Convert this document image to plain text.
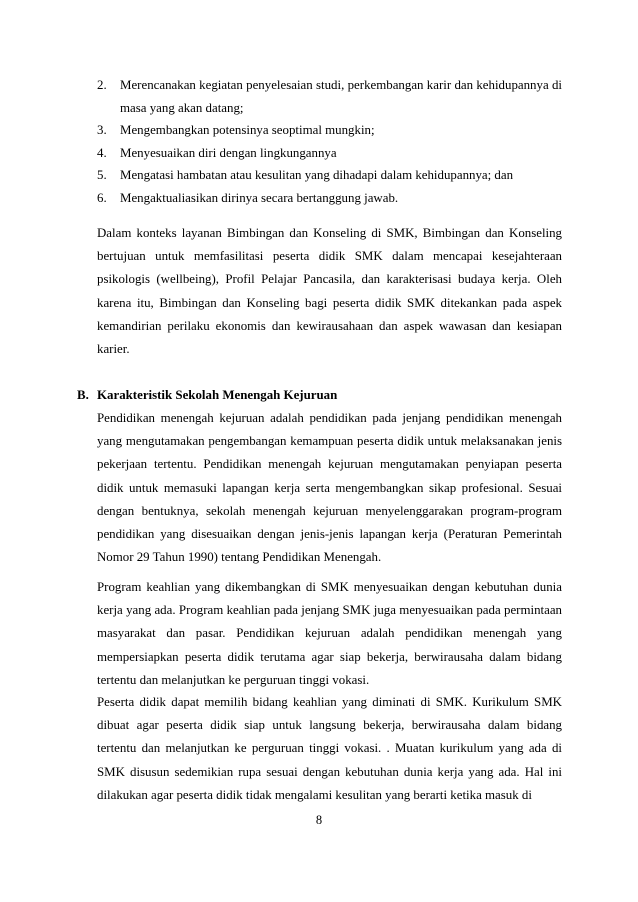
2. Merencanakan kegiatan penyelesaian studi, perkembangan karir dan kehidupannya di masa yang akan datang;
3. Mengembangkan potensinya seoptimal mungkin;
4. Menyesuaikan diri dengan lingkungannya
5. Mengatasi hambatan atau kesulitan yang dihadapi dalam kehidupannya; dan
6. Mengaktualiasikan dirinya secara bertanggung jawab.

Dalam konteks layanan Bimbingan dan Konseling di SMK, Bimbingan dan Konseling bertujuan untuk memfasilitasi peserta didik SMK dalam mencapai kesejahteraan psikologis (wellbeing), Profil Pelajar Pancasila, dan karakterisasi budaya kerja. Oleh karena itu, Bimbingan dan Konseling bagi peserta didik SMK ditekankan pada aspek kemandirian perilaku ekonomis dan kewirausahaan dan aspek wawasan dan kesiapan karier.

B. Karakteristik Sekolah Menengah Kejuruan

Pendidikan menengah kejuruan adalah pendidikan pada jenjang pendidikan menengah yang mengutamakan pengembangan kemampuan peserta didik untuk melaksanakan jenis pekerjaan tertentu. Pendidikan menengah kejuruan mengutamakan penyiapan peserta didik untuk memasuki lapangan kerja serta mengembangkan sikap profesional. Sesuai dengan bentuknya, sekolah menengah kejuruan menyelenggarakan program-program pendidikan yang disesuaikan dengan jenis-jenis lapangan kerja (Peraturan Pemerintah Nomor 29 Tahun 1990) tentang Pendidikan Menengah.

Program keahlian yang dikembangkan di SMK menyesuaikan dengan kebutuhan dunia kerja yang ada. Program keahlian pada jenjang SMK juga menyesuaikan pada permintaan masyarakat dan pasar. Pendidikan kejuruan adalah pendidikan menengah yang mempersiapkan peserta didik terutama agar siap bekerja, berwirausaha dalam bidang tertentu dan melanjutkan ke perguruan tinggi vokasi.

Peserta didik dapat memilih bidang keahlian yang diminati di SMK. Kurikulum SMK dibuat agar peserta didik siap untuk langsung bekerja, berwirausaha dalam bidang tertentu dan melanjutkan ke perguruan tinggi vokasi. . Muatan kurikulum yang ada di SMK disusun sedemikian rupa sesuai dengan kebutuhan dunia kerja yang ada. Hal ini dilakukan agar peserta didik tidak mengalami kesulitan yang berarti ketika masuk di

8
